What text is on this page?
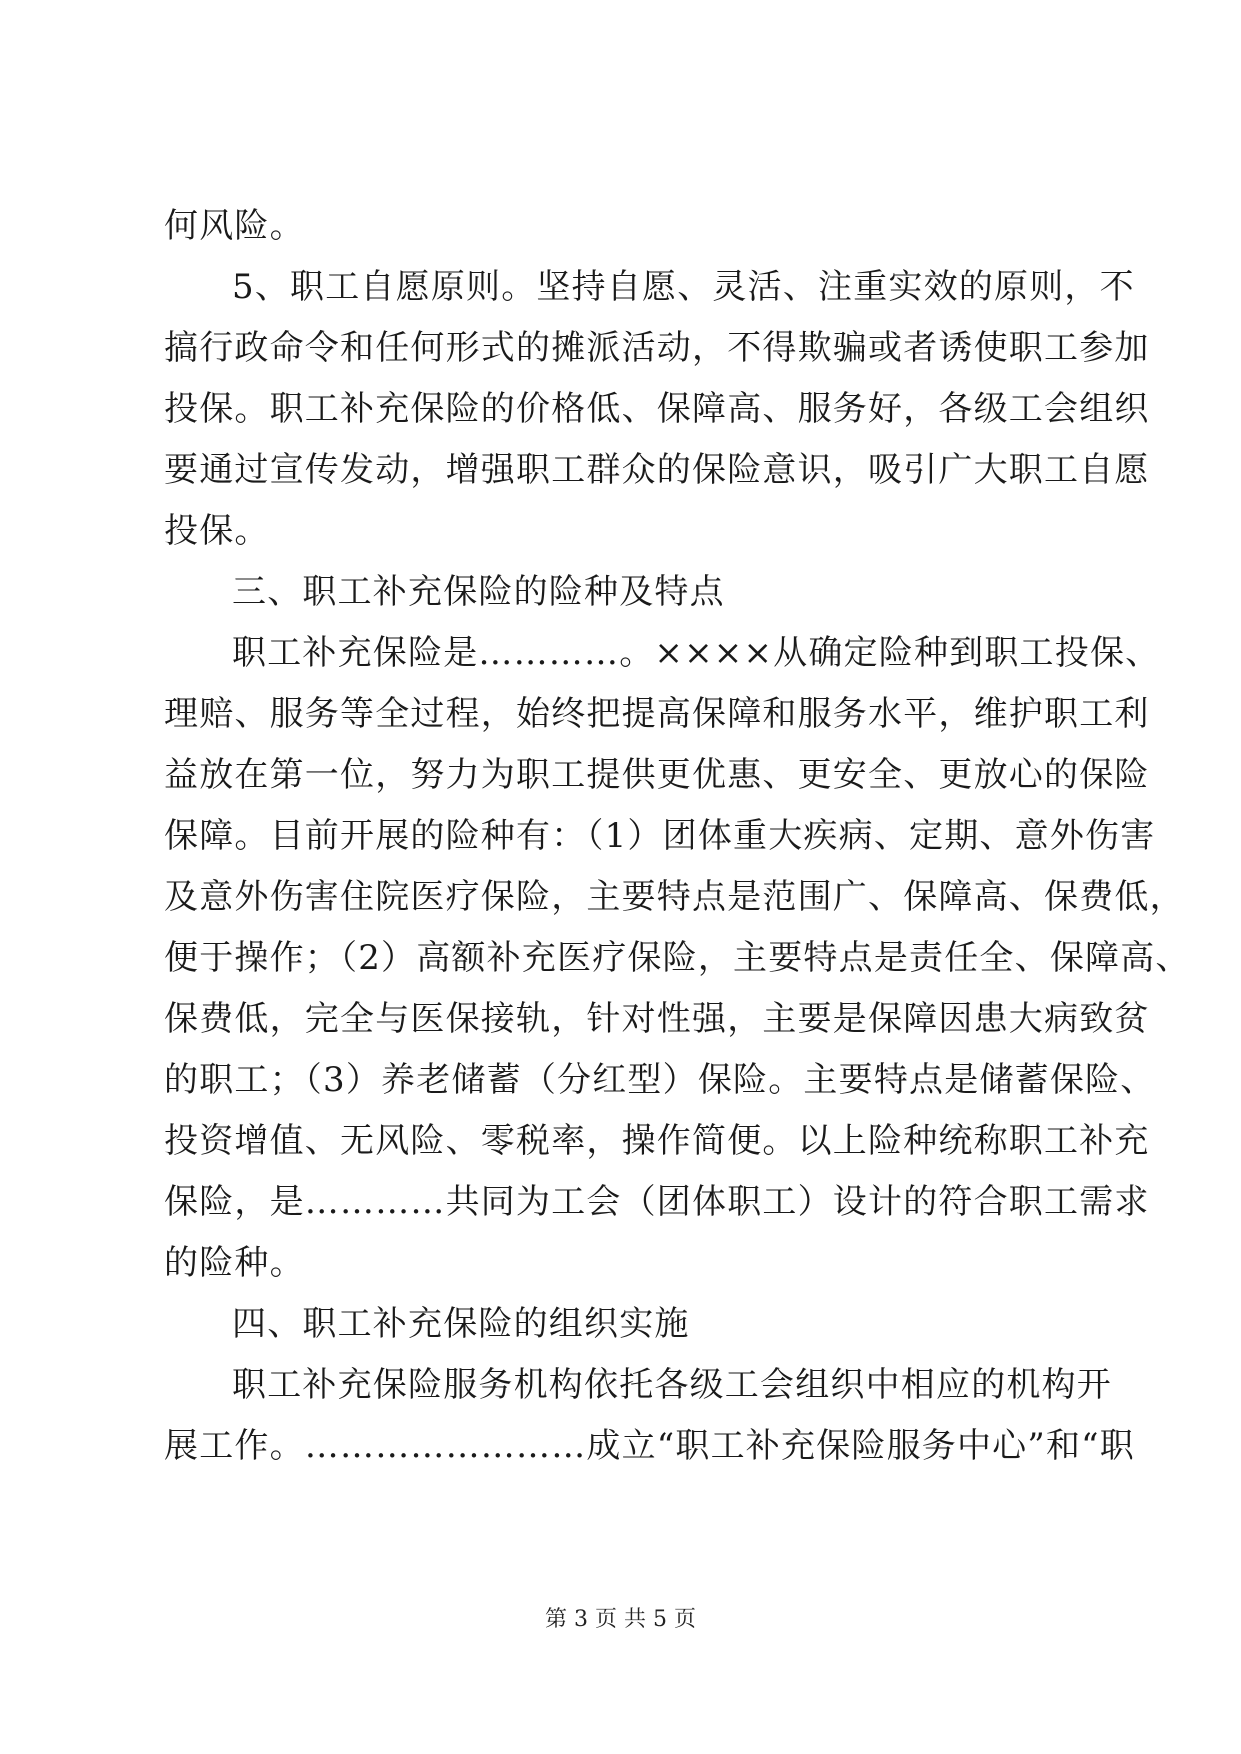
何风险。
5、职工自愿原则。坚持自愿、灵活、注重实效的原则，不
搞行政命令和任何形式的摊派活动，不得欺骗或者诱使职工参加
投保。职工补充保险的价格低、保障高、服务好，各级工会组织
要通过宣传发动，增强职工群众的保险意识，吸引广大职工自愿
投保。
三、职工补充保险的险种及特点
职工补充保险是…………。××××从确定险种到职工投保、
理赔、服务等全过程，始终把提高保障和服务水平，维护职工利
益放在第一位，努力为职工提供更优惠、更安全、更放心的保险
保障。目前开展的险种有：（1）团体重大疾病、定期、意外伤害
及意外伤害住院医疗保险，主要特点是范围广、保障高、保费低，
便于操作；（2）高额补充医疗保险，主要特点是责任全、保障高、
保费低，完全与医保接轨，针对性强，主要是保障因患大病致贫
的职工；（3）养老储蓄（分红型）保险。主要特点是储蓄保险、
投资增值、无风险、零税率，操作简便。以上险种统称职工补充
保险，是…………共同为工会（团体职工）设计的符合职工需求
的险种。
四、职工补充保险的组织实施
职工补充保险服务机构依托各级工会组织中相应的机构开
展工作。……………………成立“职工补充保险服务中心”和“职
第 3 页 共 5 页
